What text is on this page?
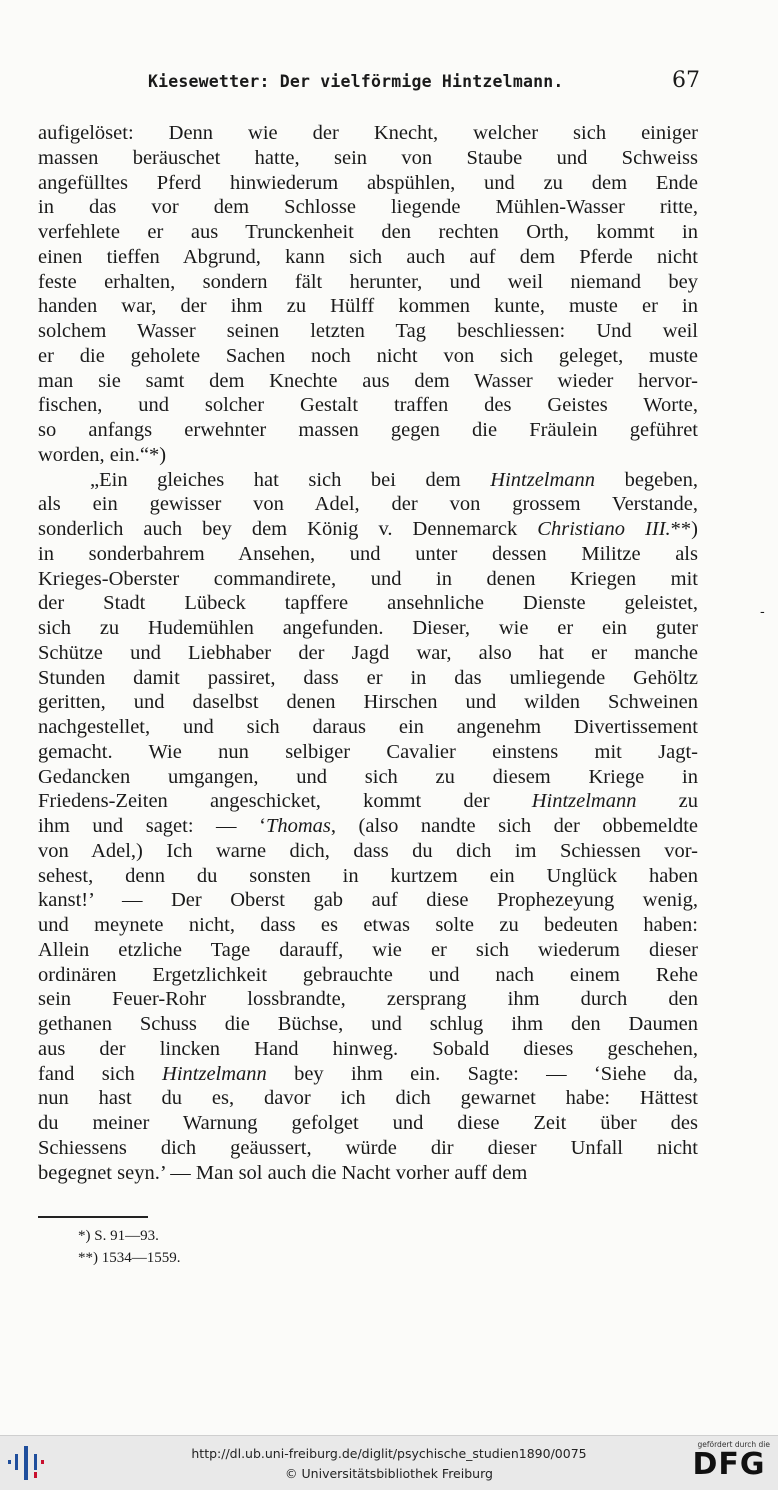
Kiesewetter: Der vielförmige Hintzelmann.	67
aufigelöset: Denn wie der Knecht, welcher sich einiger
massen beräuschet hatte, sein von Staube und Schweiss
angefülltes Pferd hinwiederum abspühlen, und zu dem Ende
in das vor dem Schlosse liegende Mühlen-Wasser ritte,
verfehlete er aus Trunckenheit den rechten Orth, kommt in
einen tieffen Abgrund, kann sich auch auf dem Pferde nicht
feste erhalten, sondern fält herunter, und weil niemand bey
handen war, der ihm zu Hülff kommen kunte, muste er in
solchem Wasser seinen letzten Tag beschliessen: Und weil
er die geholete Sachen noch nicht von sich geleget, muste
man sie samt dem Knechte aus dem Wasser wieder hervor-
fischen, und solcher Gestalt traffen des Geistes Worte,
so anfangs erwehnter massen gegen die Fräulein geführet
worden, ein.“*)
„Ein gleiches hat sich bei dem Hintzelmann begeben,
als ein gewisser von Adel, der von grossem Verstande,
sonderlich auch bey dem König v. Dennemarck Christiano III.**)
in sonderbahrem Ansehen, und unter dessen Militze als
Krieges-Oberster commandirete, und in denen Kriegen mit
der Stadt Lübeck tapffere ansehnliche Dienste geleistet,
sich zu Hudemühlen angefunden. Dieser, wie er ein guter
Schütze und Liebhaber der Jagd war, also hat er manche
Stunden damit passiret, dass er in das umliegende Gehöltz
geritten, und daselbst denen Hirschen und wilden Schweinen
nachgestellet, und sich daraus ein angenehm Divertissement
gemacht. Wie nun selbiger Cavalier einstens mit Jagt-
Gedancken umgangen, und sich zu diesem Kriege in
Friedens-Zeiten angeschicket, kommt der Hintzelmann zu
ihm und saget: — ‘Thomas, (also nandte sich der obbemeldte
von Adel,) Ich warne dich, dass du dich im Schiessen vor-
sehest, denn du sonsten in kurtzem ein Unglück haben
kanst!’ — Der Oberst gab auf diese Prophezeyung wenig,
und meynete nicht, dass es etwas solte zu bedeuten haben:
Allein etzliche Tage darauff, wie er sich wiederum dieser
ordinären Ergetzlichkeit gebrauchte und nach einem Rehe
sein Feuer-Rohr lossbrandte, zersprang ihm durch den
gethanen Schuss die Büchse, und schlug ihm den Daumen
aus der lincken Hand hinweg. Sobald dieses geschehen,
fand sich Hintzelmann bey ihm ein. Sagte: — ‘Siehe da,
nun hast du es, davor ich dich gewarnet habe: Hättest
du meiner Warnung gefolget und diese Zeit über des
Schiessens dich geäussert, würde dir dieser Unfall nicht
begegnet seyn.’ — Man sol auch die Nacht vorher auff dem
-
*) S. 91—93.
**) 1534—1559.
http://dl.ub.uni-freiburg.de/diglit/psychische_studien1890/0075
© Universitätsbibliothek Freiburg
gefördert durch die
DFG
